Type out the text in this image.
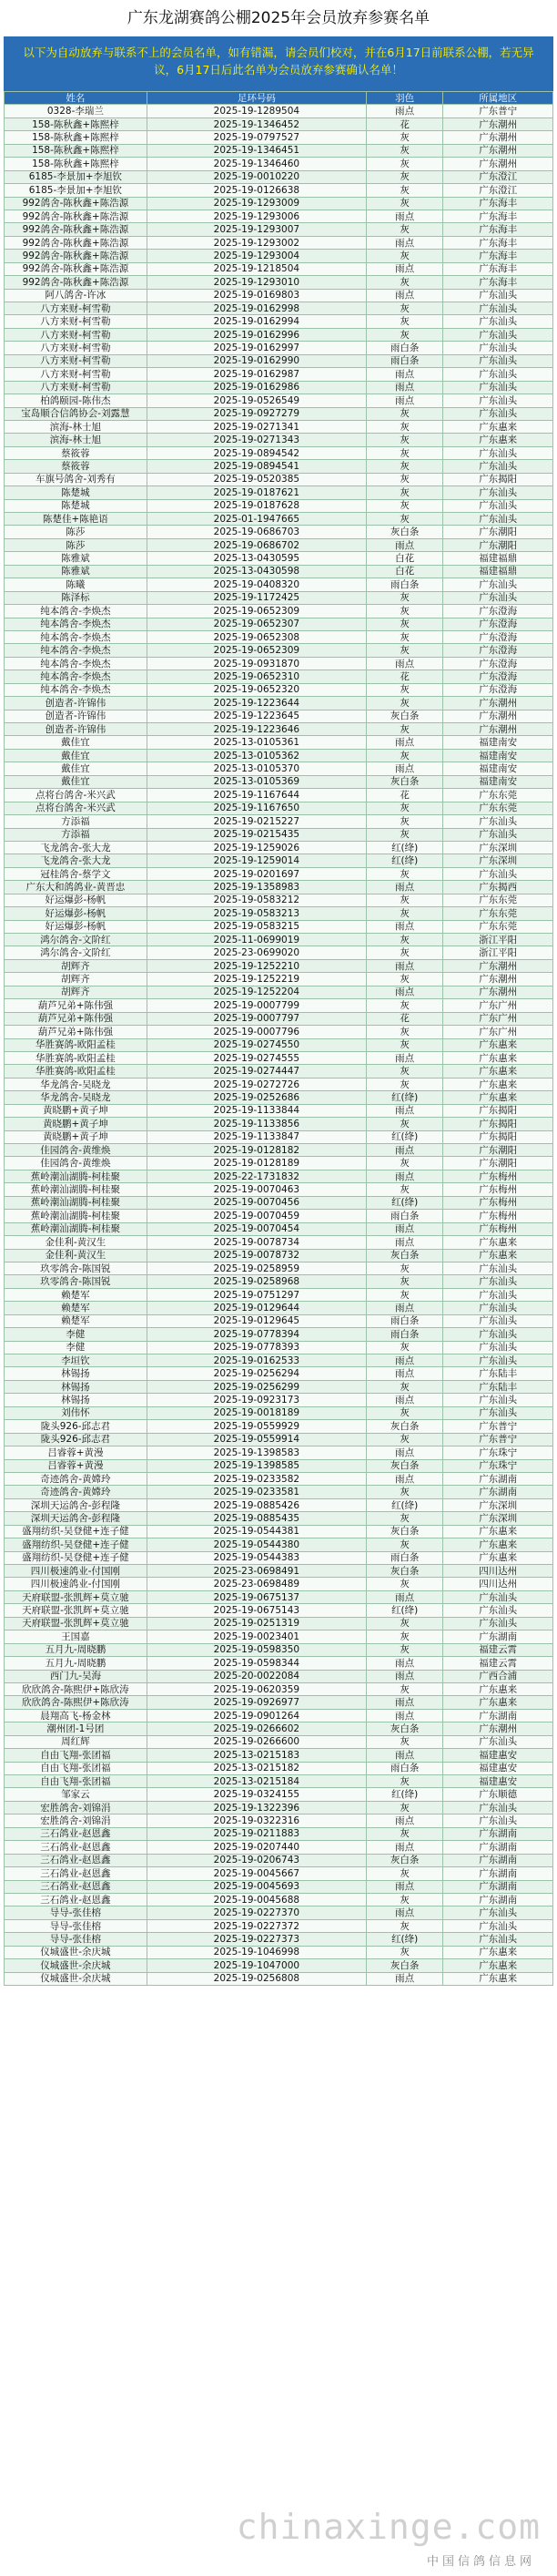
广东龙湖赛鸽公棚2025年会员放弃参赛名单
以下为自动放弃与联系不上的会员名单，如有错漏，请会员们校对，并在6月17日前联系公棚，若无异议，6月17日后此名单为会员放弃参赛确认名单！
姓名	足环号码	羽色	所属地区
0328-李瑞兰	2025-19-1289504	雨点	广东普宁
158-陈秋鑫+陈熙梓	2025-19-1346452	花	广东潮州
158-陈秋鑫+陈熙梓	2025-19-0797527	灰	广东潮州
158-陈秋鑫+陈熙梓	2025-19-1346451	灰	广东潮州
158-陈秋鑫+陈熙梓	2025-19-1346460	灰	广东潮州
6185-李景加+李旭钦	2025-19-0010220	灰	广东澄江
6185-李景加+李旭钦	2025-19-0126638	灰	广东澄江
992鸽舍-陈秋鑫+陈浩源	2025-19-1293009	灰	广东海丰
992鸽舍-陈秋鑫+陈浩源	2025-19-1293006	雨点	广东海丰
992鸽舍-陈秋鑫+陈浩源	2025-19-1293007	灰	广东海丰
992鸽舍-陈秋鑫+陈浩源	2025-19-1293002	雨点	广东海丰
992鸽舍-陈秋鑫+陈浩源	2025-19-1293004	灰	广东海丰
992鸽舍-陈秋鑫+陈浩源	2025-19-1218504	雨点	广东海丰
992鸽舍-陈秋鑫+陈浩源	2025-19-1293010	灰	广东海丰
阿八鸽舍-许冰	2025-19-0169803	雨点	广东汕头
八方来财-柯雪勒	2025-19-0162998	灰	广东汕头
八方来财-柯雪勒	2025-19-0162994	灰	广东汕头
八方来财-柯雪勒	2025-19-0162996	灰	广东汕头
八方来财-柯雪勒	2025-19-0162997	雨白条	广东汕头
八方来财-柯雪勒	2025-19-0162990	雨白条	广东汕头
八方来财-柯雪勒	2025-19-0162987	雨点	广东汕头
八方来财-柯雪勒	2025-19-0162986	雨点	广东汕头
柏鸽颐园-陈伟杰	2025-19-0526549	雨点	广东汕头
宝岛顺合信鸽协会-刘露慧	2025-19-0927279	灰	广东汕头
滨海-林士旭	2025-19-0271341	灰	广东惠来
滨海-林士旭	2025-19-0271343	灰	广东惠来
蔡筱蓉	2025-19-0894542	灰	广东汕头
蔡筱蓉	2025-19-0894541	灰	广东汕头
车旗号鸽舍-刘秀有	2025-19-0520385	灰	广东揭阳
陈楚城	2025-19-0187621	灰	广东汕头
陈楚城	2025-19-0187628	灰	广东汕头
陈楚佳+陈艳语	2025-01-1947665	灰	广东汕头
陈莎	2025-19-0686703	灰白条	广东潮阳
陈莎	2025-19-0686702	雨点	广东潮阳
陈雅斌	2025-13-0430595	白花	福建福鼎
陈雅斌	2025-13-0430598	白花	福建福鼎
陈曦	2025-19-0408320	雨白条	广东汕头
陈泽标	2025-19-1172425	灰	广东汕头
纯本鸽舍-李焕杰	2025-19-0652309	灰	广东澄海
纯本鸽舍-李焕杰	2025-19-0652307	灰	广东澄海
纯本鸽舍-李焕杰	2025-19-0652308	灰	广东澄海
纯本鸽舍-李焕杰	2025-19-0652309	灰	广东澄海
纯本鸽舍-李焕杰	2025-19-0931870	雨点	广东澄海
纯本鸽舍-李焕杰	2025-19-0652310	花	广东澄海
纯本鸽舍-李焕杰	2025-19-0652320	灰	广东澄海
创造者-许锦伟	2025-19-1223644	灰	广东潮州
创造者-许锦伟	2025-19-1223645	灰白条	广东潮州
创造者-许锦伟	2025-19-1223646	灰	广东潮州
戴佳宜	2025-13-0105361	雨点	福建南安
戴佳宜	2025-13-0105362	灰	福建南安
戴佳宜	2025-13-0105370	雨点	福建南安
戴佳宜	2025-13-0105369	灰白条	福建南安
点将台鸽舍-米兴武	2025-19-1167644	花	广东东莞
点将台鸽舍-米兴武	2025-19-1167650	灰	广东东莞
方添福	2025-19-0215227	灰	广东汕头
方添福	2025-19-0215435	灰	广东汕头
飞龙鸽舍-张大龙	2025-19-1259026	红(绛)	广东深圳
飞龙鸽舍-张大龙	2025-19-1259014	红(绛)	广东深圳
冠桂鸽舍-蔡学文	2025-19-0201697	灰	广东汕头
广东大和鸽鸽业-黄晋忠	2025-19-1358983	雨点	广东揭西
好运爆彭-杨帆	2025-19-0583212	灰	广东东莞
好运爆彭-杨帆	2025-19-0583213	灰	广东东莞
好运爆彭-杨帆	2025-19-0583215	雨点	广东东莞
鸿尔鸽舍-文阶红	2025-11-0699019	灰	浙江平阳
鸿尔鸽舍-文阶红	2025-23-0699020	灰	浙江平阳
胡辉齐	2025-19-1252210	雨点	广东潮州
胡辉齐	2025-19-1252219	灰	广东潮州
胡辉齐	2025-19-1252204	雨点	广东潮州
葫芦兄弟+陈伟强	2025-19-0007799	灰	广东广州
葫芦兄弟+陈伟强	2025-19-0007797	花	广东广州
葫芦兄弟+陈伟强	2025-19-0007796	灰	广东广州
华胜赛鸽-欧阳孟桂	2025-19-0274550	灰	广东惠来
华胜赛鸽-欧阳孟桂	2025-19-0274555	雨点	广东惠来
华胜赛鸽-欧阳孟桂	2025-19-0274447	灰	广东惠来
华龙鸽舍-吴晓龙	2025-19-0272726	灰	广东惠来
华龙鸽舍-吴晓龙	2025-19-0252686	红(绛)	广东惠来
黄晓鹏+黄子坤	2025-19-1133844	雨点	广东揭阳
黄晓鹏+黄子坤	2025-19-1133856	灰	广东揭阳
黄晓鹏+黄子坤	2025-19-1133847	红(绛)	广东揭阳
佳园鸽舍-黄维焕	2025-19-0128182	雨点	广东潮阳
佳园鸽舍-黄维焕	2025-19-0128189	灰	广东潮阳
蕉岭潮汕湖腾-柯桂聚	2025-22-1731832	雨点	广东梅州
蕉岭潮汕湖腾-柯桂聚	2025-19-0070463	灰	广东梅州
蕉岭潮汕湖腾-柯桂聚	2025-19-0070456	红(绛)	广东梅州
蕉岭潮汕湖腾-柯桂聚	2025-19-0070459	雨白条	广东梅州
蕉岭潮汕湖腾-柯桂聚	2025-19-0070454	雨点	广东梅州
金佳利-黄汉生	2025-19-0078734	雨点	广东惠来
金佳利-黄汉生	2025-19-0078732	灰白条	广东惠来
玖零鸽舍-陈国锐	2025-19-0258959	灰	广东汕头
玖零鸽舍-陈国锐	2025-19-0258968	灰	广东汕头
赖楚军	2025-19-0751297	灰	广东汕头
赖楚军	2025-19-0129644	雨点	广东汕头
赖楚军	2025-19-0129645	雨白条	广东汕头
李健	2025-19-0778394	雨白条	广东汕头
李健	2025-19-0778393	灰	广东汕头
李垣钦	2025-19-0162533	雨点	广东汕头
林锡扬	2025-19-0256294	雨点	广东陆丰
林锡扬	2025-19-0256299	灰	广东陆丰
林锡扬	2025-19-0923173	雨点	广东汕头
刘伟怀	2025-19-0018189	灰	广东汕头
陇头926-邱志君	2025-19-0559929	灰白条	广东普宁
陇头926-邱志君	2025-19-0559914	灰	广东普宁
吕睿蓉+黄漫	2025-19-1398583	雨点	广东珠宁
吕睿蓉+黄漫	2025-19-1398585	灰白条	广东珠宁
奇迹鸽舍-黄嫦玲	2025-19-0233582	雨点	广东湖南
奇迹鸽舍-黄嫦玲	2025-19-0233581	灰	广东湖南
深圳天运鸽舍-彭程隆	2025-19-0885426	红(绛)	广东深圳
深圳天运鸽舍-彭程隆	2025-19-0885435	灰	广东深圳
盛翔纺织-吴登健+连子健	2025-19-0544381	灰白条	广东惠来
盛翔纺织-吴登健+连子健	2025-19-0544380	灰	广东惠来
盛翔纺织-吴登健+连子健	2025-19-0544383	雨白条	广东惠来
四川极速鸽业-付国刚	2025-23-0698491	灰白条	四川达州
四川极速鸽业-付国刚	2025-23-0698489	灰	四川达州
天府联盟-张凯辉+莫立驰	2025-19-0675137	雨点	广东汕头
天府联盟-张凯辉+莫立驰	2025-19-0675143	红(绛)	广东汕头
天府联盟-张凯辉+莫立驰	2025-19-0251319	灰	广东汕头
王国嘉	2025-19-0023401	灰	广东湖南
五月九-周晓鹏	2025-19-0598350	灰	福建云霄
五月九-周晓鹏	2025-19-0598344	雨点	福建云霄
西门九-吴海	2025-20-0022084	雨点	广西合浦
欣欣鸽舍-陈熙伊+陈欣涛	2025-19-0620359	灰	广东惠来
欣欣鸽舍-陈熙伊+陈欣涛	2025-19-0926977	雨点	广东惠来
晨翔高飞-杨金林	2025-19-0901264	雨点	广东湖南
潮州团-1号团	2025-19-0266602	灰白条	广东潮州
周红辉	2025-19-0266600	灰	广东汕头
自由飞翔-张团福	2025-13-0215183	雨点	福建惠安
自由飞翔-张团福	2025-13-0215182	雨白条	福建惠安
自由飞翔-张团福	2025-13-0215184	灰	福建惠安
邹家云	2025-19-0324155	红(绛)	广东顺德
宏胜鸽舍-刘锦涓	2025-19-1322396	灰	广东汕头
宏胜鸽舍-刘锦涓	2025-19-0322316	雨点	广东汕头
三石鸽业-赵恩鑫	2025-19-0211883	灰	广东湖南
三石鸽业-赵恩鑫	2025-19-0207440	雨点	广东湖南
三石鸽业-赵恩鑫	2025-19-0206743	灰白条	广东湖南
三石鸽业-赵恩鑫	2025-19-0045667	灰	广东湖南
三石鸽业-赵恩鑫	2025-19-0045693	雨点	广东湖南
三石鸽业-赵恩鑫	2025-19-0045688	灰	广东湖南
导导-张佳榕	2025-19-0227370	雨点	广东汕头
导导-张佳榕	2025-19-0227372	灰	广东汕头
导导-张佳榕	2025-19-0227373	红(绛)	广东汕头
仪城盛世-余庆城	2025-19-1046998	灰	广东惠来
仪城盛世-余庆城	2025-19-1047000	灰白条	广东惠来
仪城盛世-余庆城	2025-19-0256808	雨点	广东惠来
chinaxinge.com
中国信鸽信息网
